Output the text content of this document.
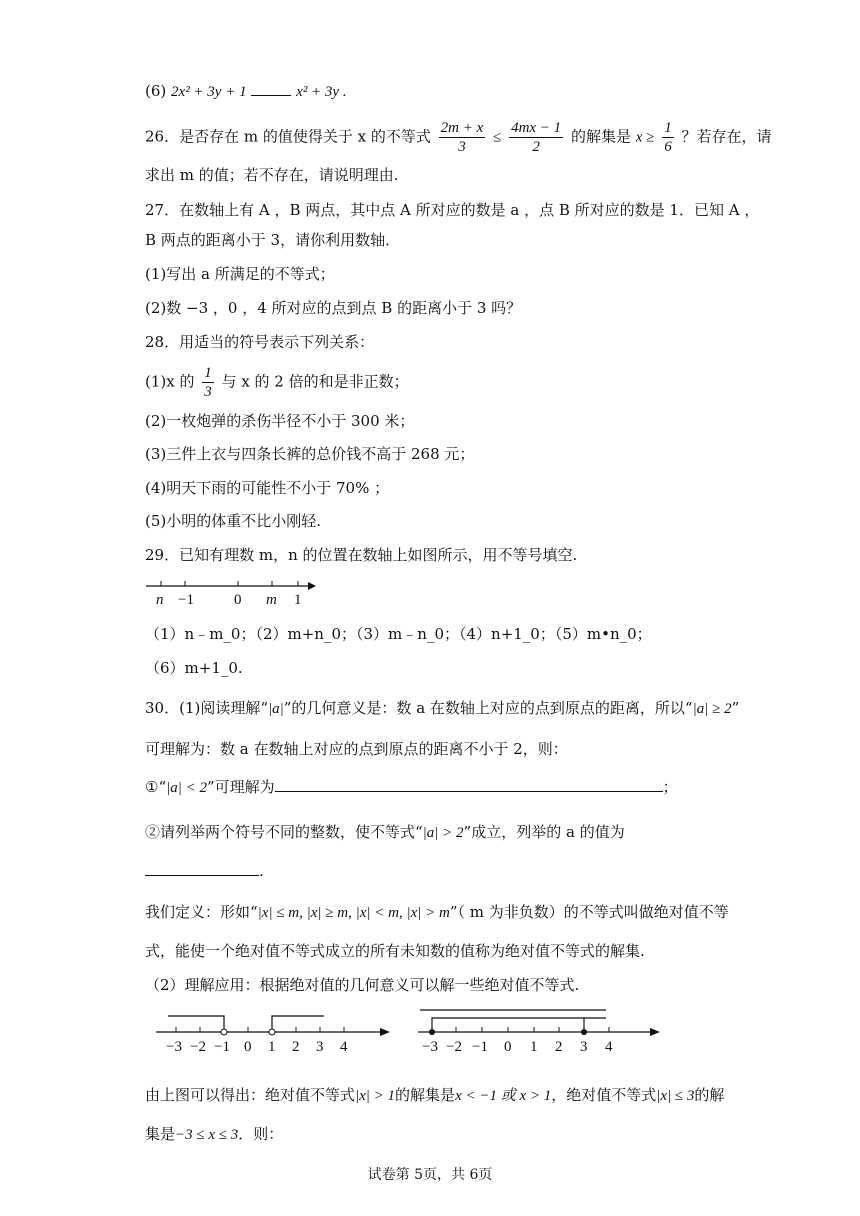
(6) 2x² + 3y + 1	x² + 3y .
26．是否存在 m 的值使得关于 x 的不等式 $\frac{2m + x}{3} \le \frac{4mx - 1}{2}$ 的解集是 $x \ge \frac{1}{6}$ ？若存在，请
求出 m 的值；若不存在，请说明理由.
27．在数轴上有 A ，B 两点，其中点 A 所对应的数是 a ，点 B 所对应的数是 1．已知 A ，
B 两点的距离小于 3，请你利用数轴．
(1)写出 a 所满足的不等式；
(2)数 −3 ，0 ，4 所对应的点到点 B 的距离小于 3 吗？
28．用适当的符号表示下列关系：
(1)x 的 $\frac{1}{3}$ 与 x 的 2 倍的和是非正数；
(2)一枚炮弹的杀伤半径不小于 300 米；
(3)三件上衣与四条长裤的总价钱不高于 268 元；
(4)明天下雨的可能性不小于 70% ；
(5)小明的体重不比小刚轻.
29．已知有理数 m，n 的位置在数轴上如图所示，用不等号填空.
n −1	0 m 1
（1）n﹣m_0；（2）m+n_0；（3）m﹣n_0；（4）n+1_0；（5）m•n_0；
（6）m+1_0.
30．(1)阅读理解“|a|”的几何意义是：数 a 在数轴上对应的点到原点的距离，所以“|a| ≥ 2”
可理解为：数 a 在数轴上对应的点到原点的距离不小于 2，则：
①“|a| < 2”可理解为	；
②请列举两个符号不同的整数，使不等式“|a| > 2”成立，列举的 a 的值为
.
我们定义：形如“|x| ≤ m, |x| ≥ m, |x| < m, |x| > m”（ m 为非负数）的不等式叫做绝对值不等
式，能使一个绝对值不等式成立的所有未知数的值称为绝对值不等式的解集.
（2）理解应用：根据绝对值的几何意义可以解一些绝对值不等式.
−3 −2 −1 0 1 2 3 4	−3 −2 −1 0 1 2 3 4
由上图可以得出：绝对值不等式|x| > 1的解集是x < −1 或 x > 1，绝对值不等式|x| ≤ 3的解
集是−3 ≤ x ≤ 3．则：
试卷第 5页，共 6页
